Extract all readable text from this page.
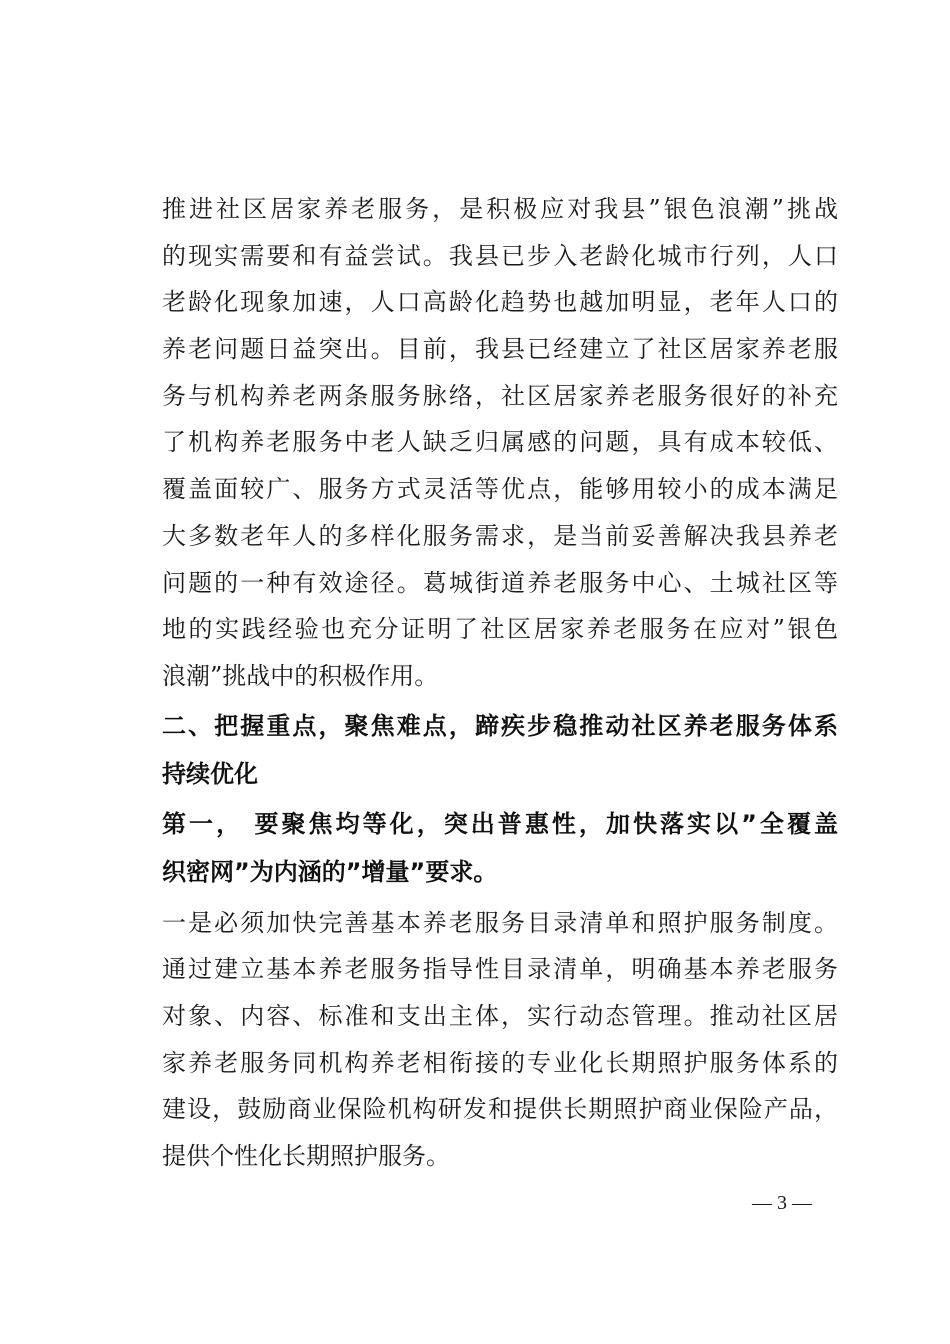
推进社区居家养老服务，是积极应对我县”银色浪潮”挑战
的现实需要和有益尝试。我县已步入老龄化城市行列，人口
老龄化现象加速，人口高龄化趋势也越加明显，老年人口的
养老问题日益突出。目前，我县已经建立了社区居家养老服
务与机构养老两条服务脉络，社区居家养老服务很好的补充
了机构养老服务中老人缺乏归属感的问题，具有成本较低、
覆盖面较广、服务方式灵活等优点，能够用较小的成本满足
大多数老年人的多样化服务需求，是当前妥善解决我县养老
问题的一种有效途径。葛城街道养老服务中心、土城社区等
地的实践经验也充分证明了社区居家养老服务在应对”银色
浪潮”挑战中的积极作用。
二、把握重点，聚焦难点，蹄疾步稳推动社区养老服务体系
持续优化
第一， 要聚焦均等化，突出普惠性，加快落实以”全覆盖
织密网”为内涵的”增量”要求。
一是必须加快完善基本养老服务目录清单和照护服务制度。
通过建立基本养老服务指导性目录清单，明确基本养老服务
对象、内容、标准和支出主体，实行动态管理。推动社区居
家养老服务同机构养老相衔接的专业化长期照护服务体系的
建设，鼓励商业保险机构研发和提供长期照护商业保险产品，
提供个性化长期照护服务。
— 3 —
